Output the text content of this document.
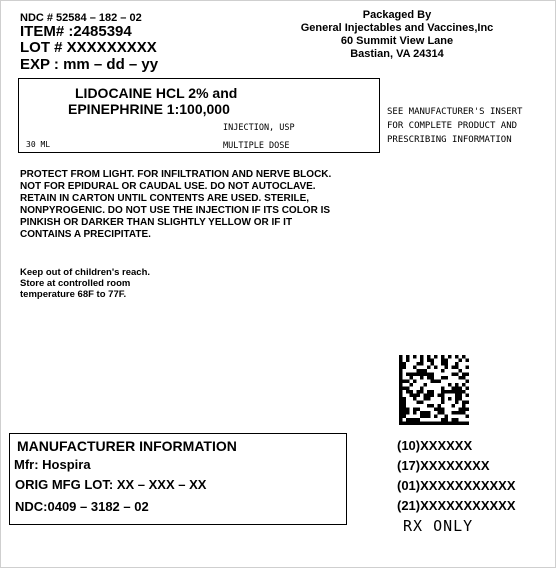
NDC # 52584 – 182 – 02
ITEM# :2485394
LOT # XXXXXXXXX
EXP : mm – dd – yy
Packaged By
General Injectables and Vaccines,Inc
60 Summit View Lane
Bastian, VA 24314
LIDOCAINE HCL 2% and
EPINEPHRINE 1:100,000
INJECTION, USP
MULTIPLE DOSE
30 ML
SEE MANUFACTURER'S INSERT
FOR COMPLETE PRODUCT AND
PRESCRIBING INFORMATION
PROTECT FROM LIGHT. FOR INFILTRATION AND NERVE BLOCK. NOT FOR EPIDURAL OR CAUDAL USE. DO NOT AUTOCLAVE. RETAIN IN CARTON UNTIL CONTENTS ARE USED. STERILE, NONPYROGENIC. DO NOT USE THE INJECTION IF ITS COLOR IS PINKISH OR DARKER THAN SLIGHTLY YELLOW OR IF IT CONTAINS A PRECIPITATE.
Keep out of children's reach.
Store at controlled room
temperature 68F to 77F.
MANUFACTURER INFORMATION
Mfr: Hospira
ORIG MFG LOT: XX – XXX – XX
NDC:0409 – 3182 – 02
(10)XXXXXX
(17)XXXXXXXX
(01)XXXXXXXXXXX
(21)XXXXXXXXXXX
RX ONLY
